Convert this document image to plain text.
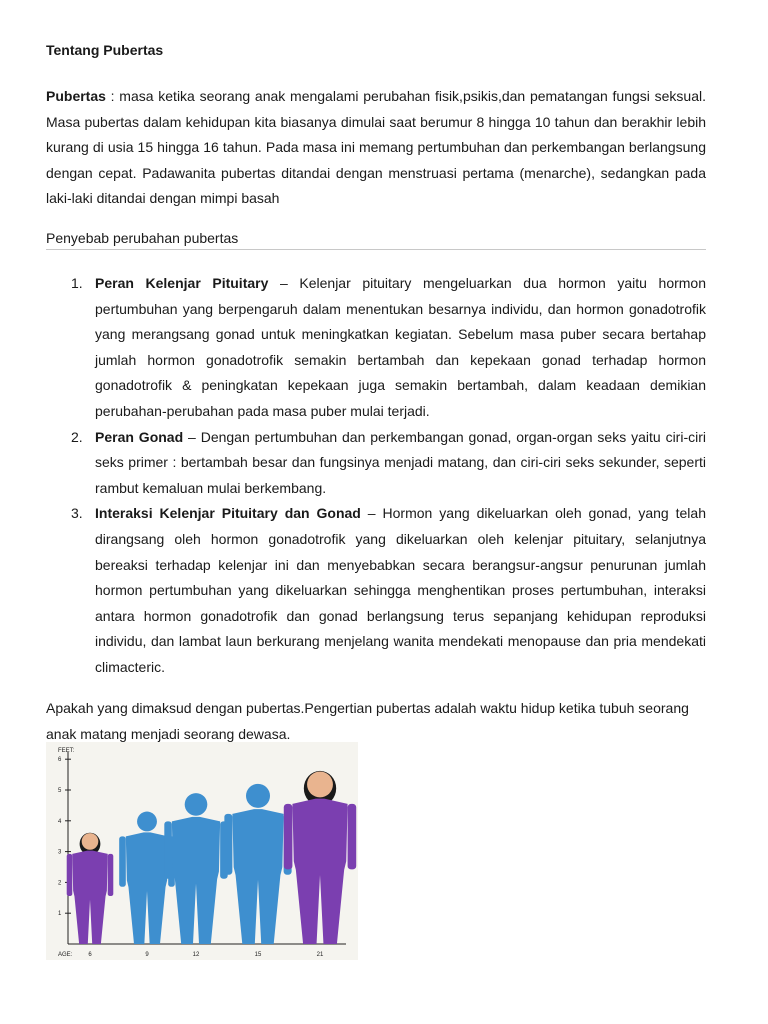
Tentang Pubertas

Pubertas : masa ketika seorang anak mengalami perubahan fisik,psikis,dan pematangan fungsi seksual. Masa pubertas dalam kehidupan kita biasanya dimulai saat berumur 8 hingga 10 tahun dan berakhir lebih kurang di usia 15 hingga 16 tahun. Pada masa ini memang pertumbuhan dan perkembangan berlangsung dengan cepat. Padawanita pubertas ditandai dengan menstruasi pertama (menarche), sedangkan pada laki-laki ditandai dengan mimpi basah

Penyebab perubahan pubertas
1. Peran Kelenjar Pituitary – Kelenjar pituitary mengeluarkan dua hormon yaitu hormon pertumbuhan yang berpengaruh dalam menentukan besarnya individu, dan hormon gonadotrofik yang merangsang gonad untuk meningkatkan kegiatan. Sebelum masa puber secara bertahap jumlah hormon gonadotrofik semakin bertambah dan kepekaan gonad terhadap hormon gonadotrofik & peningkatan kepekaan juga semakin bertambah, dalam keadaan demikian perubahan-perubahan pada masa puber mulai terjadi.
2. Peran Gonad – Dengan pertumbuhan dan perkembangan gonad, organ-organ seks yaitu ciri-ciri seks primer : bertambah besar dan fungsinya menjadi matang, dan ciri-ciri seks sekunder, seperti rambut kemaluan mulai berkembang.
3. Interaksi Kelenjar Pituitary dan Gonad – Hormon yang dikeluarkan oleh gonad, yang telah dirangsang oleh hormon gonadotrofik yang dikeluarkan oleh kelenjar pituitary, selanjutnya bereaksi terhadap kelenjar ini dan menyebabkan secara berangsur-angsur penurunan jumlah hormon pertumbuhan yang dikeluarkan sehingga menghentikan proses pertumbuhan, interaksi antara hormon gonadotrofik dan gonad berlangsung terus sepanjang kehidupan reproduksi individu, dan lambat laun berkurang menjelang wanita mendekati menopause dan pria mendekati climacteric.

Apakah yang dimaksud dengan pubertas.Pengertian pubertas adalah waktu hidup ketika tubuh seorang anak matang menjadi seorang dewasa.

FEET:
6
5
4
3
2
1
AGE:	6	9	12	15	21
